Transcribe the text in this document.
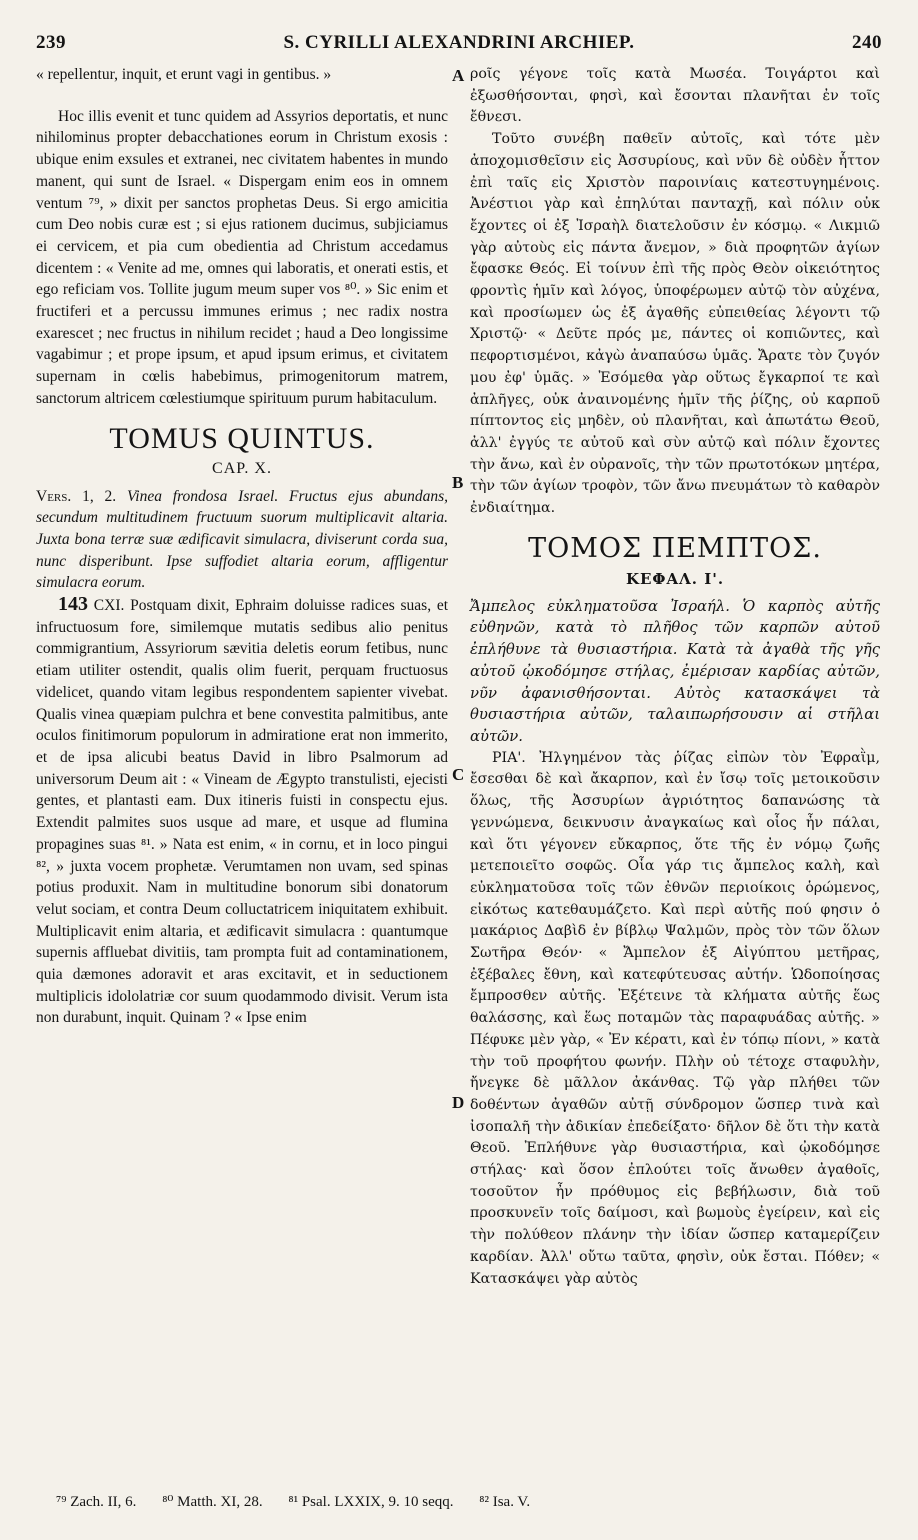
239	S. CYRILLI ALEXANDRINI ARCHIEP.	240

« repellentur, inquit, et erunt vagi in gentibus. »

Hoc illis evenit et tunc quidem ad Assyrios deportatis, et nunc nihilominus propter debacchationes eorum in Christum exosis : ubique enim exsules et extranei, nec civitatem habentes in mundo manent, qui sunt de Israel. « Dispergam enim eos in omnem ventum ⁷⁹, » dixit per sanctos prophetas Deus. Si ergo amicitia cum Deo nobis curæ est ; si ejus rationem ducimus, subjiciamus ei cervicem, et pia cum obedientia ad Christum accedamus dicentem : « Venite ad me, omnes qui laboratis, et onerati estis, et ego reficiam vos. Tollite jugum meum super vos ⁸⁰. » Sic enim et fructiferi et a percussu immunes erimus ; nec radix nostra exarescet ; nec fructus in nihilum recidet ; haud a Deo longissime vagabimur ; et prope ipsum, et apud ipsum erimus, et civitatem supernam in cœlis habebimus, primogenitorum matrem, sanctorum altricem cœlestiumque spirituum purum habitaculum.

TOMUS QUINTUS.
CAP. X.

Vers. 1, 2. Vinea frondosa Israel. Fructus ejus abundans, secundum multitudinem fructuum suorum multiplicavit altaria. Juxta bona terræ suæ ædificavit simulacra, diviserunt corda sua, nunc disperibunt. Ipse suffodiet altaria eorum, affligentur simulacra eorum.

143 CXI. Postquam dixit, Ephraim doluisse radices suas, et infructuosum fore, similemque mutatis sedibus alio penitus commigrantium, Assyriorum sævitia deletis eorum fetibus, nunc etiam utiliter ostendit, qualis olim fuerit, perquam fructuosus videlicet, quando vitam legibus respondentem sapienter vivebat. Qualis vinea quæpiam pulchra et bene convestita palmitibus, ante oculos finitimorum populorum in admiratione erat non immerito, et de ipsa alicubi beatus David in libro Psalmorum ad universorum Deum ait : « Vineam de Ægypto transtulisti, ejecisti gentes, et plantasti eam. Dux itineris fuisti in conspectu ejus. Extendit palmites suos usque ad mare, et usque ad flumina propagines suas ⁸¹. » Nata est enim, « in cornu, et in loco pingui ⁸², » juxta vocem prophetæ. Verumtamen non uvam, sed spinas potius produxit. Nam in multitudine bonorum sibi donatorum velut sociam, et contra Deum colluctatricem iniquitatem exhibuit. Multiplicavit enim altaria, et ædificavit simulacra : quantumque supernis affluebat divitiis, tam prompta fuit ad contaminationem, quia dæmones adoravit et aras excitavit, et in seductionem multiplicis idololatriæ cor suum quodammodo divisit. Verum ista non durabunt, inquit. Quinam ? « Ipse enim

A
B
C
D

ροῖς γέγονε τοῖς κατὰ Μωσέα. Τοιγάρτοι καὶ ἐξωσθήσονται, φησὶ, καὶ ἔσονται πλανῆται ἐν τοῖς ἔθνεσι.

Τοῦτο συνέβη παθεῖν αὐτοῖς, καὶ τότε μὲν ἀποχομισθεῖσιν εἰς Ἀσσυρίους, καὶ νῦν δὲ οὐδὲν ἧττον ἐπὶ ταῖς εἰς Χριστὸν παροινίαις κατεστυγημένοις. Ἀνέστιοι γὰρ καὶ ἐπηλύται πανταχῇ, καὶ πόλιν οὐκ ἔχοντες οἱ ἐξ Ἰσραὴλ διατελοῦσιν ἐν κόσμῳ. « Λικμιῶ γὰρ αὐτοὺς εἰς πάντα ἄνεμον, » διὰ προφητῶν ἁγίων ἔφασκε Θεός. Εἰ τοίνυν ἐπὶ τῆς πρὸς Θεὸν οἰκειότητος φροντὶς ἡμῖν καὶ λόγος, ὑποφέρωμεν αὐτῷ τὸν αὐχένα, καὶ προσίωμεν ὡς ἐξ ἀγαθῆς εὐπειθείας λέγοντι τῷ Χριστῷ· « Δεῦτε πρός με, πάντες οἱ κοπιῶντες, καὶ πεφορτισμένοι, κἀγὼ ἀναπαύσω ὑμᾶς. Ἄρατε τὸν ζυγόν μου ἐφ' ὑμᾶς. » Ἐσόμεθα γὰρ οὕτως ἔγκαρποί τε καὶ ἀπλῆγες, οὐκ ἀναινομένης ἡμῖν τῆς ῥίζης, οὐ καρποῦ πίπτοντος εἰς μηδὲν, οὐ πλανῆται, καὶ ἀπωτάτω Θεοῦ, ἀλλ' ἐγγύς τε αὐτοῦ καὶ σὺν αὐτῷ καὶ πόλιν ἔχοντες τὴν ἄνω, καὶ ἐν οὐρανοῖς, τὴν τῶν πρωτοτόκων μητέρα, τὴν τῶν ἁγίων τροφὸν, τῶν ἄνω πνευμάτων τὸ καθαρὸν ἐνδιαίτημα.

ΤΟΜΟΣ ΠΕΜΠΤΟΣ.
ΚΕΦΑΛ. Ι'.

Ἄμπελος εὐκληματοῦσα Ἰσραήλ. Ὁ καρπὸς αὐτῆς εὐθηνῶν, κατὰ τὸ πλῆθος τῶν καρπῶν αὐτοῦ ἐπλήθυνε τὰ θυσιαστήρια. Κατὰ τὰ ἀγαθὰ τῆς γῆς αὐτοῦ ᾠκοδόμησε στήλας, ἐμέρισαν καρδίας αὐτῶν, νῦν ἀφανισθήσονται. Αὐτὸς κατασκάψει τὰ θυσιαστήρια αὐτῶν, ταλαιπωρήσουσιν αἱ στῆλαι αὐτῶν.

ΡΙΑ'. Ἠλγημένον τὰς ῥίζας εἰπὼν τὸν Ἐφραῒμ, ἔσεσθαι δὲ καὶ ἄκαρπον, καὶ ἐν ἴσῳ τοῖς μετοικοῦσιν ὅλως, τῆς Ἀσσυρίων ἀγριότητος δαπανώσης τὰ γεννώμενα, δεικνυσιν ἀναγκαίως καὶ οἷος ἦν πάλαι, καὶ ὅτι γέγονεν εὔκαρπος, ὅτε τῆς ἐν νόμῳ ζωῆς μετεποιεῖτο σοφῶς. Οἷα γάρ τις ἄμπελος καλὴ, καὶ εὐκληματοῦσα τοῖς τῶν ἐθνῶν περιοίκοις ὁρώμενος, εἰκότως κατεθαυμάζετο. Καὶ περὶ αὐτῆς πού φησιν ὁ μακάριος Δαβὶδ ἐν βίβλῳ Ψαλμῶν, πρὸς τὸν τῶν ὅλων Σωτῆρα Θεόν· « Ἄμπελον ἐξ Αἰγύπτου μετῆρας, ἐξέβαλες ἔθνη, καὶ κατεφύτευσας αὐτήν. Ὡδοποίησας ἔμπροσθεν αὐτῆς. Ἐξέτεινε τὰ κλήματα αὐτῆς ἕως θαλάσσης, καὶ ἕως ποταμῶν τὰς παραφυάδας αὐτῆς. » Πέφυκε μὲν γὰρ, « Ἐν κέρατι, καὶ ἐν τόπῳ πίονι, » κατὰ τὴν τοῦ προφήτου φωνήν. Πλὴν οὐ τέτοχε σταφυλὴν, ἤνεγκε δὲ μᾶλλον ἀκάνθας. Τῷ γὰρ πλήθει τῶν δοθέντων ἀγαθῶν αὐτῇ σύνδρομον ὥσπερ τινὰ καὶ ἰσοπαλῆ τὴν ἀδικίαν ἐπεδείξατο· δῆλον δὲ ὅτι τὴν κατὰ Θεοῦ. Ἐπλήθυνε γὰρ θυσιαστήρια, καὶ ᾠκοδόμησε στήλας· καὶ ὅσον ἐπλούτει τοῖς ἄνωθεν ἀγαθοῖς, τοσοῦτον ἦν πρόθυμος εἰς βεβήλωσιν, διὰ τοῦ προσκυνεῖν τοῖς δαίμοσι, καὶ βωμοὺς ἐγείρειν, καὶ εἰς τὴν πολύθεον πλάνην τὴν ἰδίαν ὥσπερ καταμερίζειν καρδίαν. Ἀλλ' οὔτω ταῦτα, φησὶν, οὐκ ἔσται. Πόθεν; « Κατασκάψει γὰρ αὐτὸς

⁷⁹ Zach. II, 6. ⁸⁰ Matth. XI, 28. ⁸¹ Psal. LXXIX, 9. 10 seqq. ⁸² Isa. V.
